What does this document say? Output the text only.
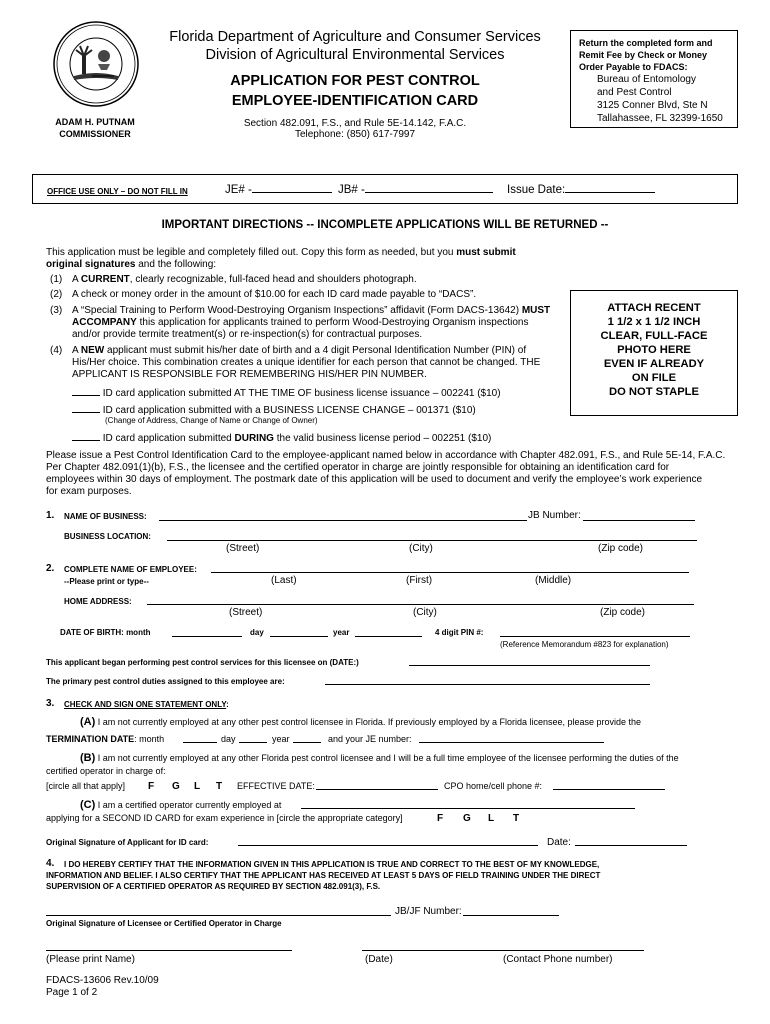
Florida Department of Agriculture and Consumer Services
Division of Agricultural Environmental Services
APPLICATION FOR PEST CONTROL
EMPLOYEE-IDENTIFICATION CARD
Section 482.091, F.S., and Rule 5E-14.142, F.A.C.
Telephone: (850) 617-7997
ADAM H. PUTNAM
COMMISSIONER
Return the completed form and
Remit Fee by Check or Money
Order Payable to FDACS:
Bureau of Entomology
and Pest Control
3125 Conner Blvd, Ste N
Tallahassee, FL 32399-1650
OFFICE USE ONLY – DO NOT FILL IN	JE# -	JB# -	Issue Date:
IMPORTANT DIRECTIONS -- INCOMPLETE APPLICATIONS WILL BE RETURNED --
This application must be legible and completely filled out. Copy this form as needed, but you must submit
original signatures and the following:
(1) A CURRENT, clearly recognizable, full-faced head and shoulders photograph.
(2) A check or money order in the amount of $10.00 for each ID card made payable to “DACS”.
(3) A “Special Training to Perform Wood-Destroying Organism Inspections” affidavit (Form DACS-13642) MUST
ACCOMPANY this application for applicants trained to perform Wood-Destroying Organism inspections
and/or provide termite treatment(s) or re-inspection(s) for contractual purposes.
(4) A NEW applicant must submit his/her date of birth and a 4 digit Personal Identification Number (PIN) of
His/Her choice. This combination creates a unique identifier for each person that cannot be changed. THE
APPLICANT IS RESPONSIBLE FOR REMEMBERING HIS/HER PIN NUMBER.
ID card application submitted AT THE TIME OF business license issuance – 002241 ($10)
ID card application submitted with a BUSINESS LICENSE CHANGE – 001371 ($10)
(Change of Address, Change of Name or Change of Owner)
ID card application submitted DURING the valid business license period – 002251 ($10)
ATTACH RECENT
1 1/2 x 1 1/2 INCH
CLEAR, FULL-FACE
PHOTO HERE
EVEN IF ALREADY
ON FILE
DO NOT STAPLE
Please issue a Pest Control Identification Card to the employee-applicant named below in accordance with Chapter 482.091, F.S., and Rule 5E-14, F.A.C.
Per Chapter 482.091(1)(b), F.S., the licensee and the certified operator in charge are jointly responsible for obtaining an identification card for
employees within 30 days of employment. The postmark date of this application will be used to document and verify the employee’s work experience
for exam purposes.
1. NAME OF BUSINESS:	JB Number:
BUSINESS LOCATION:
(Street)	(City)	(Zip code)
2. COMPLETE NAME OF EMPLOYEE:
--Please print or type--	(Last)	(First)	(Middle)
HOME ADDRESS:
(Street)	(City)	(Zip code)
DATE OF BIRTH: month	day	year	4 digit PIN #:
(Reference Memorandum #823 for explanation)
This applicant began performing pest control services for this licensee on (DATE:)
The primary pest control duties assigned to this employee are:
3. CHECK AND SIGN ONE STATEMENT ONLY:
(A) I am not currently employed at any other pest control licensee in Florida. If previously employed by a Florida licensee, please provide the
TERMINATION DATE: month	day	year	and your JE number:
(B) I am not currently employed at any other Florida pest control licensee and I will be a full time employee of the licensee performing the duties of the
certified operator in charge of:
[circle all that apply] F G L T EFFECTIVE DATE:	CPO home/cell phone #:
(C) I am a certified operator currently employed at
applying for a SECOND ID CARD for exam experience in [circle the appropriate category]	F G L T
Original Signature of Applicant for ID card:	Date:
4. I DO HEREBY CERTIFY THAT THE INFORMATION GIVEN IN THIS APPLICATION IS TRUE AND CORRECT TO THE BEST OF MY KNOWLEDGE,
INFORMATION AND BELIEF. I ALSO CERTIFY THAT THE APPLICANT HAS RECEIVED AT LEAST 5 DAYS OF FIELD TRAINING UNDER THE DIRECT
SUPERVISION OF A CERTIFIED OPERATOR AS REQUIRED BY SECTION 482.091(3), F.S.
JB/JF Number:
Original Signature of Licensee or Certified Operator in Charge
(Please print Name)	(Date)	(Contact Phone number)
FDACS-13606 Rev.10/09
Page 1 of 2
